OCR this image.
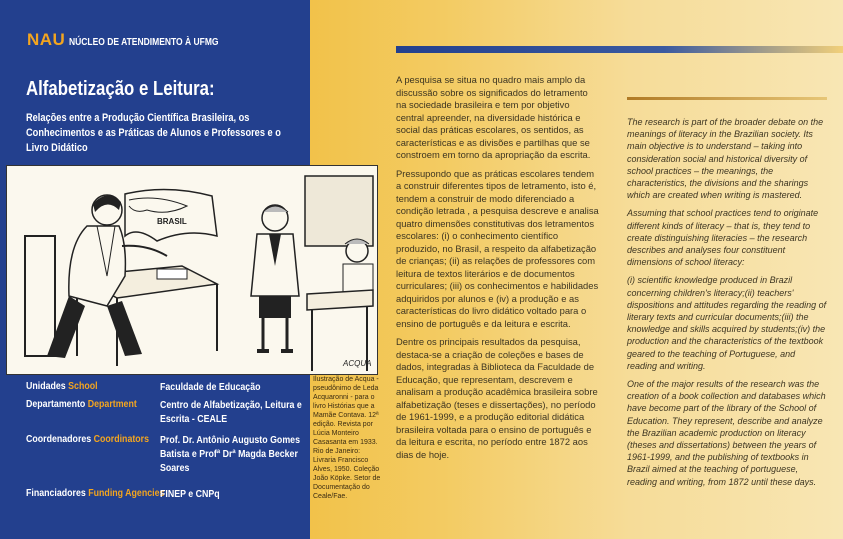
NAU NÚCLEO DE ATENDIMENTO À UFMG
Alfabetização e Leitura:
Relações entre a Produção Científica Brasileira, os Conhecimentos e as Práticas de Alunos e Professores e o Livro Didático
BRASIL
ACQUA
Unidades School	Faculdade de Educação
Departamento Department Centro de Alfabetização, Leitura e Escrita - CEALE
Coordenadores Coordinators Prof. Dr. Antônio Augusto Gomes Batista e Profª Drª Magda Becker Soares
Financiadores Funding Agencies
FINEP e CNPq
Ilustração de Acqua - pseudônimo de Leda Acquaronni - para o livro Histórias que a Mamãe Contava. 12ª edição. Revista por Lúcia Monteiro Casasanta em 1933. Rio de Janeiro: Livraria Francisco Alves, 1950. Coleção João Köpke. Setor de Documentação do Ceale/Fae.

A pesquisa se situa no quadro mais amplo da discussão sobre os significados do letramento na sociedade brasileira e tem por objetivo central apreender, na diversidade histórica e social das práticas escolares, os sentidos, as características e as divisões e partilhas que se constroem em torno da apropriação da escrita.

Pressupondo que as práticas escolares tendem a construir diferentes tipos de letramento, isto é, tendem a construir de modo diferenciado a condição letrada , a pesquisa descreve e analisa quatro dimensões constitutivas dos letramentos escolares: (i) o conhecimento científico produzido, no Brasil, a respeito da alfabetização de crianças; (ii) as relações de professores com leitura de textos literários e de documentos curriculares; (iii) os conhecimentos e habilidades adquiridos por alunos e (iv) a produção e as características do livro didático voltado para o ensino de português e da leitura e escrita.

Dentre os principais resultados da pesquisa, destaca-se a criação de coleções e bases de dados, integradas à Biblioteca da Faculdade de Educação, que representam, descrevem e analisam a produção acadêmica brasileira sobre alfabetização (teses e dissertações), no período de 1961-1999, e a produção editorial didática brasileira voltada para o ensino de português e da leitura e escrita, no período entre 1872 aos dias de hoje.

The research is part of the broader debate on the meanings of literacy in the Brazilian society. Its main objective is to understand – taking into consideration social and historical diversity of school practices – the meanings, the characteristics, the divisions and the sharings which are created when writing is mastered.

Assuming that school practices tend to originate different kinds of literacy – that is, they tend to create distinguishing literacies – the research describes and analyses four constituent dimensions of school literacy:

(i) scientific knowledge produced in Brazil concerning children's literacy;(ii) teachers' dispositions and attitudes regarding the reading of literary texts and curricular documents;(iii) the knowledge and skills acquired by students;(iv) the production and the characteristics of the textbook geared to the teaching of Portuguese, and reading and writing.

One of the major results of the research was the creation of a book collection and databases which have become part of the library of the School of Education. They represent, describe and analyze the Brazilian academic production on literacy (theses and dissertations) between the years of 1961-1999, and the publishing of textbooks in Brazil aimed at the teaching of portuguese, reading and writing, from 1872 until these days.
